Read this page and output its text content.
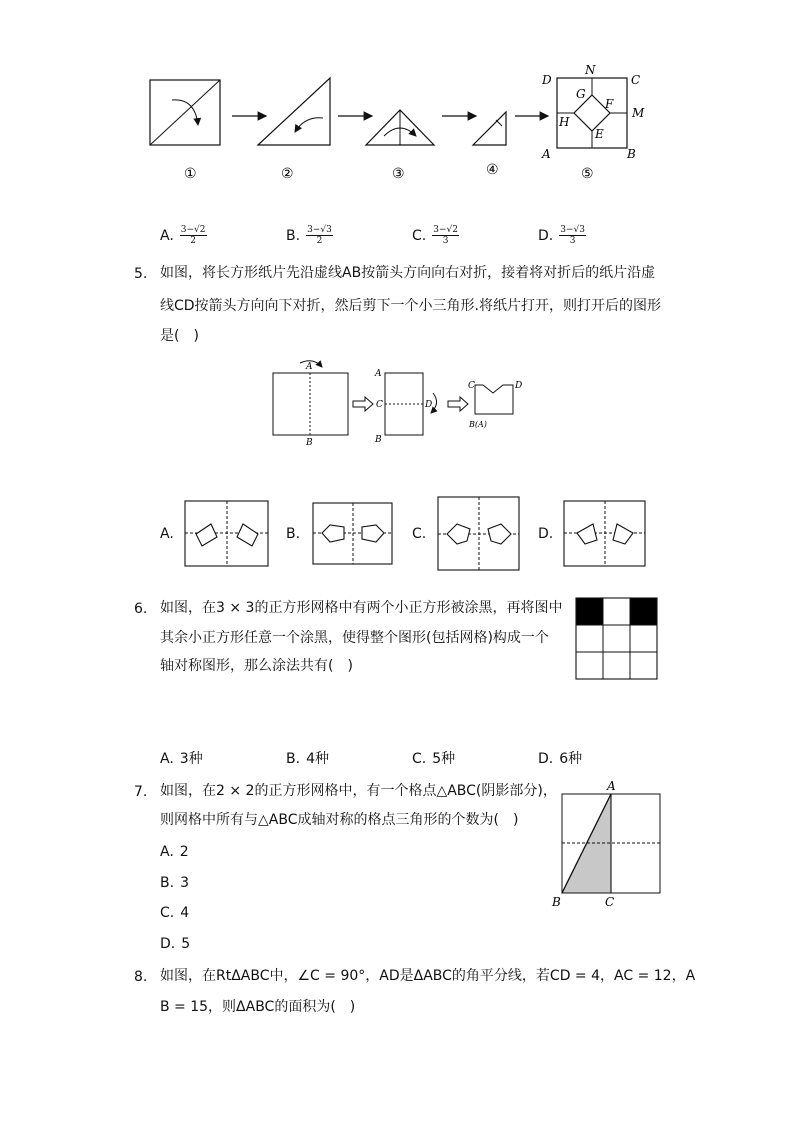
D
N
C
G
F
M
H
E
A	B
①	②	③	④	⑤
A. $\frac{3-√2}{2}$	B. $\frac{3-√3}{2}$	C. $\frac{3-√2}{3}$	D. $\frac{3-√3}{3}$
5. 如图，将长方形纸片先沿虚线AB按箭头方向向右对折，接着将对折后的纸片沿虚
线CD按箭头方向向下对折，然后剪下一个小三角形.将纸片打开，则打开后的图形
是(　)
A
B
A
B
C	D
C	D
B(A)
A.	B.	C.	D.
6. 如图，在3 × 3的正方形网格中有两个小正方形被涂黑，再将图中
其余小正方形任意一个涂黑，使得整个图形(包括网格)构成一个
轴对称图形，那么涂法共有(　)
A. 3种	B. 4种	C. 5种	D. 6种
7. 如图，在2 × 2的正方形网格中，有一个格点△ABC(阴影部分)，
则网格中所有与△ABC成轴对称的格点三角形的个数为(　)
A. 2
B. 3
C. 4
D. 5
A
B	C
8. 如图，在RtΔABC中，∠C = 90°，AD是ΔABC的角平分线，若CD = 4，AC = 12，A
B = 15，则ΔABC的面积为(　)
